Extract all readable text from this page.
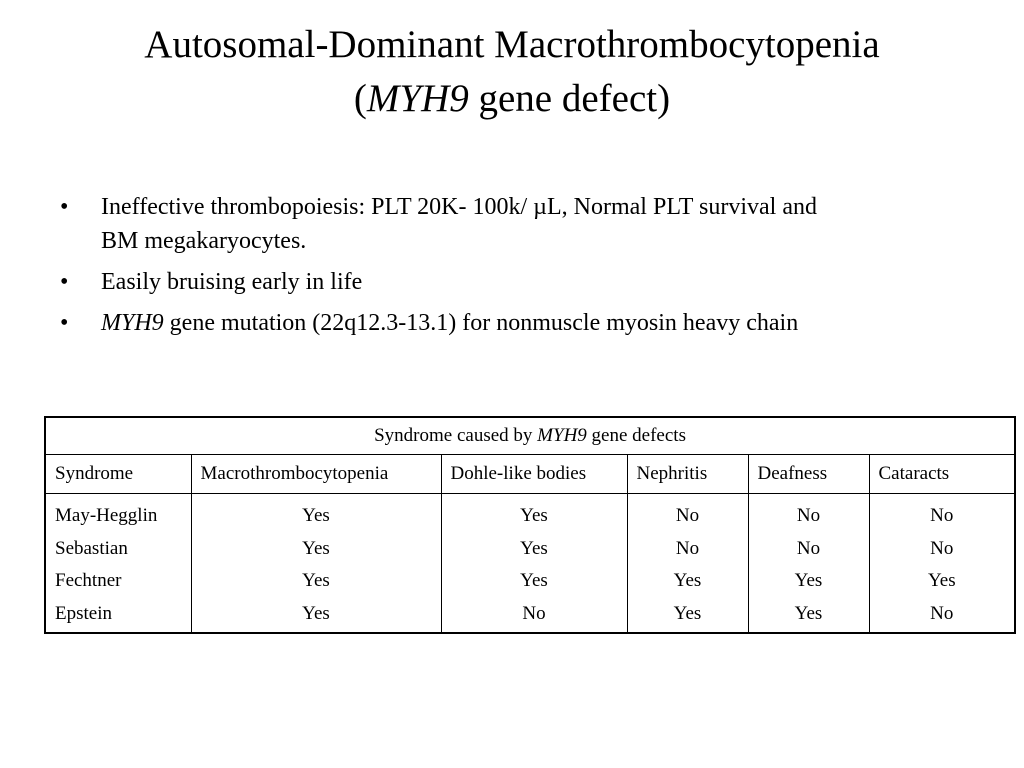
Autosomal-Dominant Macrothrombocytopenia
(MYH9 gene defect)
• Ineffective thrombopoiesis: PLT 20K- 100k/ µL, Normal PLT survival and BM megakaryocytes.
• Easily bruising early in life
• MYH9 gene mutation (22q12.3-13.1) for nonmuscle myosin heavy chain
Syndrome caused by MYH9 gene defects					
Syndrome	Macrothrombocytopenia	Dohle-like bodies	Nephritis	Deafness	Cataracts
May-Hegglin	Yes	Yes	No	No	No
Sebastian	Yes	Yes	No	No	No
Fechtner	Yes	Yes	Yes	Yes	Yes
Epstein	Yes	No	Yes	Yes	No
